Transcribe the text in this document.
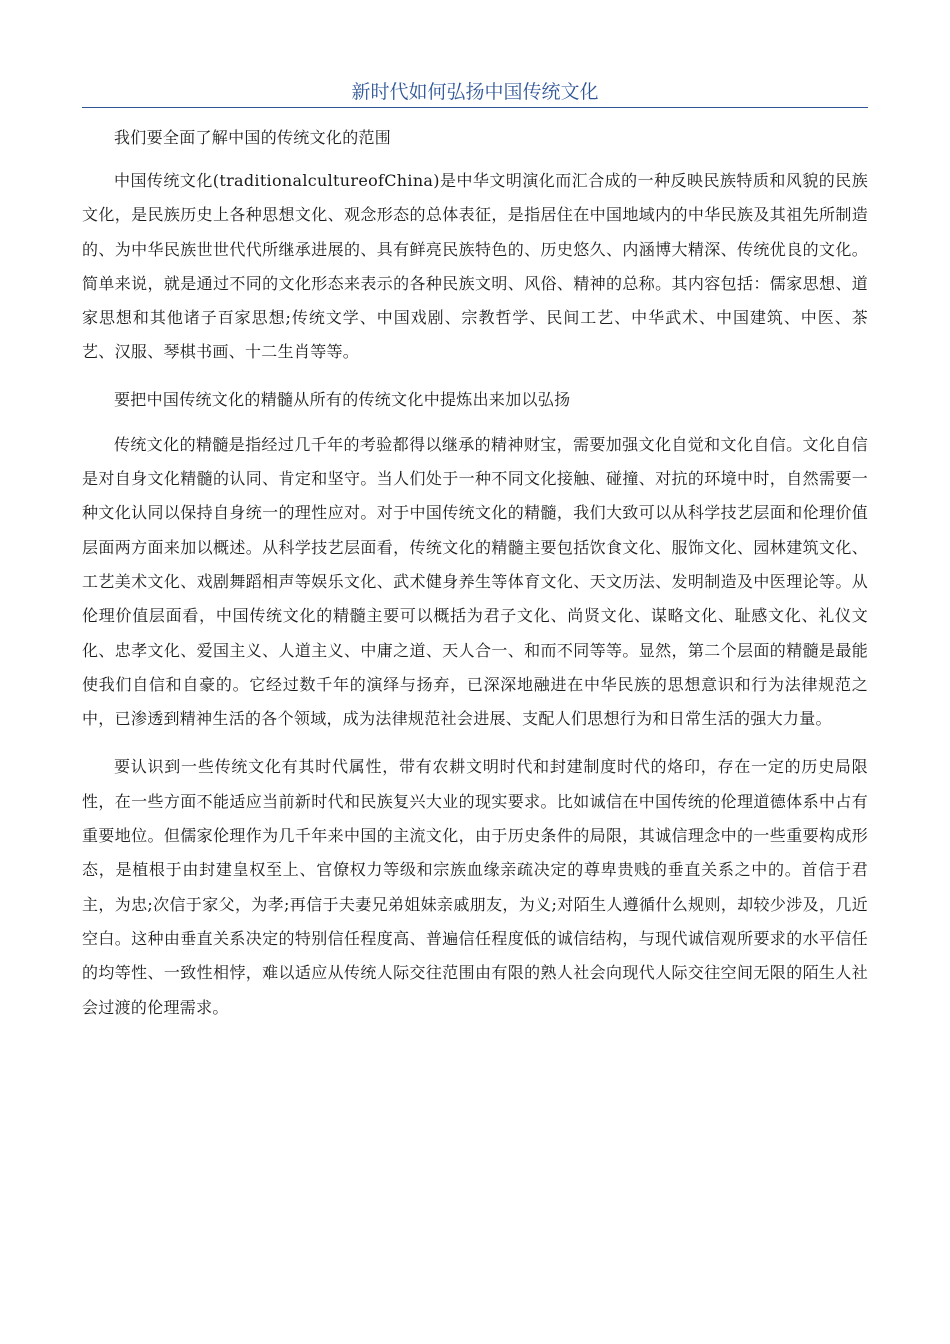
新时代如何弘扬中国传统文化

我们要全面了解中国的传统文化的范围

中国传统文化(traditionalcultureofChina)是中华文明演化而汇合成的一种反映民族特质和风貌的民族文化，是民族历史上各种思想文化、观念形态的总体表征，是指居住在中国地域内的中华民族及其祖先所制造的、为中华民族世世代代所继承进展的、具有鲜亮民族特色的、历史悠久、内涵博大精深、传统优良的文化。简单来说，就是通过不同的文化形态来表示的各种民族文明、风俗、精神的总称。其内容包括：儒家思想、道家思想和其他诸子百家思想;传统文学、中国戏剧、宗教哲学、民间工艺、中华武术、中国建筑、中医、茶艺、汉服、琴棋书画、十二生肖等等。

要把中国传统文化的精髓从所有的传统文化中提炼出来加以弘扬

传统文化的精髓是指经过几千年的考验都得以继承的精神财宝，需要加强文化自觉和文化自信。文化自信是对自身文化精髓的认同、肯定和坚守。当人们处于一种不同文化接触、碰撞、对抗的环境中时，自然需要一种文化认同以保持自身统一的理性应对。对于中国传统文化的精髓，我们大致可以从科学技艺层面和伦理价值层面两方面来加以概述。从科学技艺层面看，传统文化的精髓主要包括饮食文化、服饰文化、园林建筑文化、工艺美术文化、戏剧舞蹈相声等娱乐文化、武术健身养生等体育文化、天文历法、发明制造及中医理论等。从伦理价值层面看，中国传统文化的精髓主要可以概括为君子文化、尚贤文化、谋略文化、耻感文化、礼仪文化、忠孝文化、爱国主义、人道主义、中庸之道、天人合一、和而不同等等。显然，第二个层面的精髓是最能使我们自信和自豪的。它经过数千年的演绎与扬弃，已深深地融进在中华民族的思想意识和行为法律规范之中，已渗透到精神生活的各个领域，成为法律规范社会进展、支配人们思想行为和日常生活的强大力量。

要认识到一些传统文化有其时代属性，带有农耕文明时代和封建制度时代的烙印，存在一定的历史局限性，在一些方面不能适应当前新时代和民族复兴大业的现实要求。比如诚信在中国传统的伦理道德体系中占有重要地位。但儒家伦理作为几千年来中国的主流文化，由于历史条件的局限，其诚信理念中的一些重要构成形态，是植根于由封建皇权至上、官僚权力等级和宗族血缘亲疏决定的尊卑贵贱的垂直关系之中的。首信于君主，为忠;次信于家父，为孝;再信于夫妻兄弟姐妹亲戚朋友，为义;对陌生人遵循什么规则，却较少涉及，几近空白。这种由垂直关系决定的特别信任程度高、普遍信任程度低的诚信结构，与现代诚信观所要求的水平信任的均等性、一致性相悖，难以适应从传统人际交往范围由有限的熟人社会向现代人际交往空间无限的陌生人社会过渡的伦理需求。
